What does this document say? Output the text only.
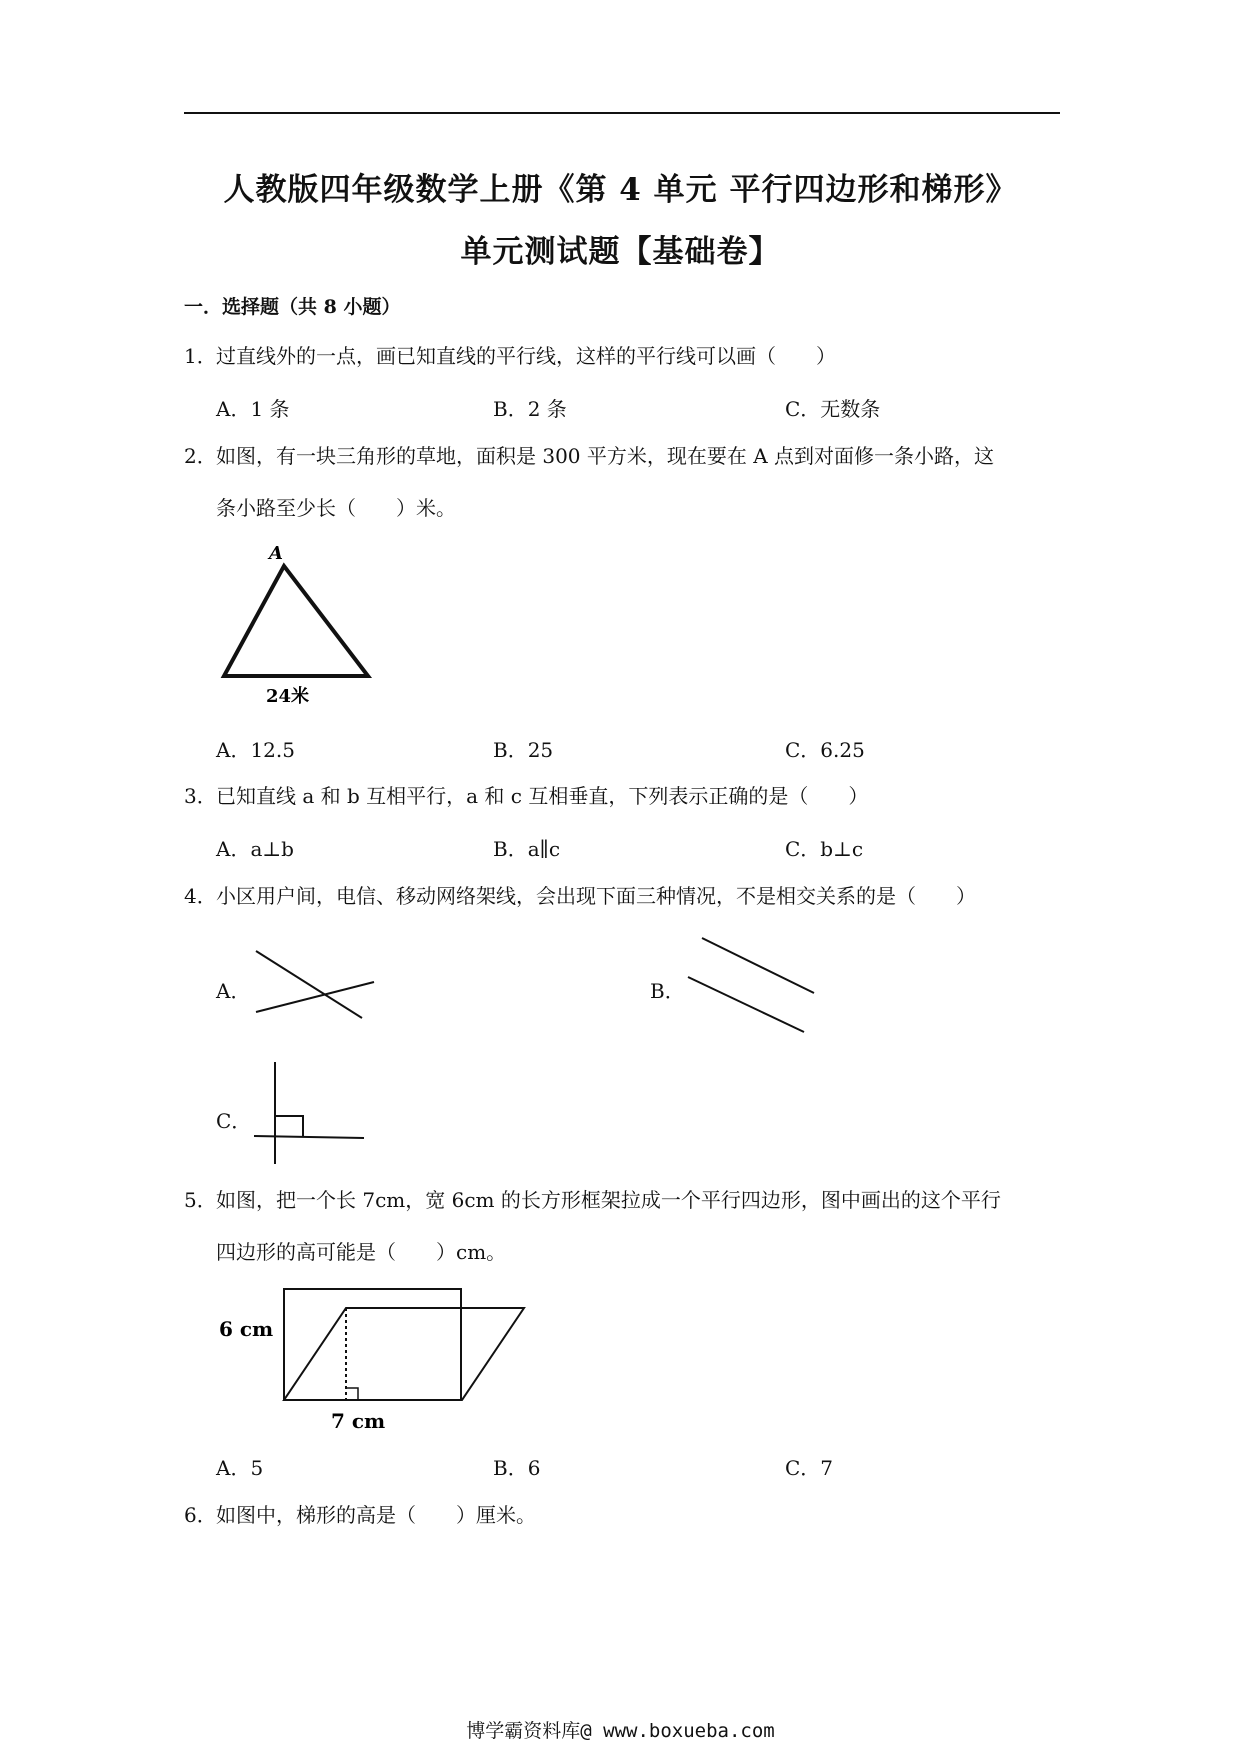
人教版四年级数学上册《第 4 单元 平行四边形和梯形》
单元测试题【基础卷】
一．选择题（共 8 小题）
1．过直线外的一点，画已知直线的平行线，这样的平行线可以画（　　）
A．1 条	B．2 条	C．无数条
2．如图，有一块三角形的草地，面积是 300 平方米，现在要在 A 点到对面修一条小路，这
条小路至少长（　　）米。
A
24米
A．12.5	B．25	C．6.25
3．已知直线 a 和 b 互相平行，a 和 c 互相垂直，下列表示正确的是（　　）
A．a⊥b	B．a∥c	C．b⊥c
4．小区用户间，电信、移动网络架线，会出现下面三种情况，不是相交关系的是（　　）
A．	B．
C．
5．如图，把一个长 7cm，宽 6cm 的长方形框架拉成一个平行四边形，图中画出的这个平行
四边形的高可能是（　　）cm。
6 cm
7 cm
A．5	B．6	C．7
6．如图中，梯形的高是（　　）厘米。
博学霸资料库@ www.boxueba.com
